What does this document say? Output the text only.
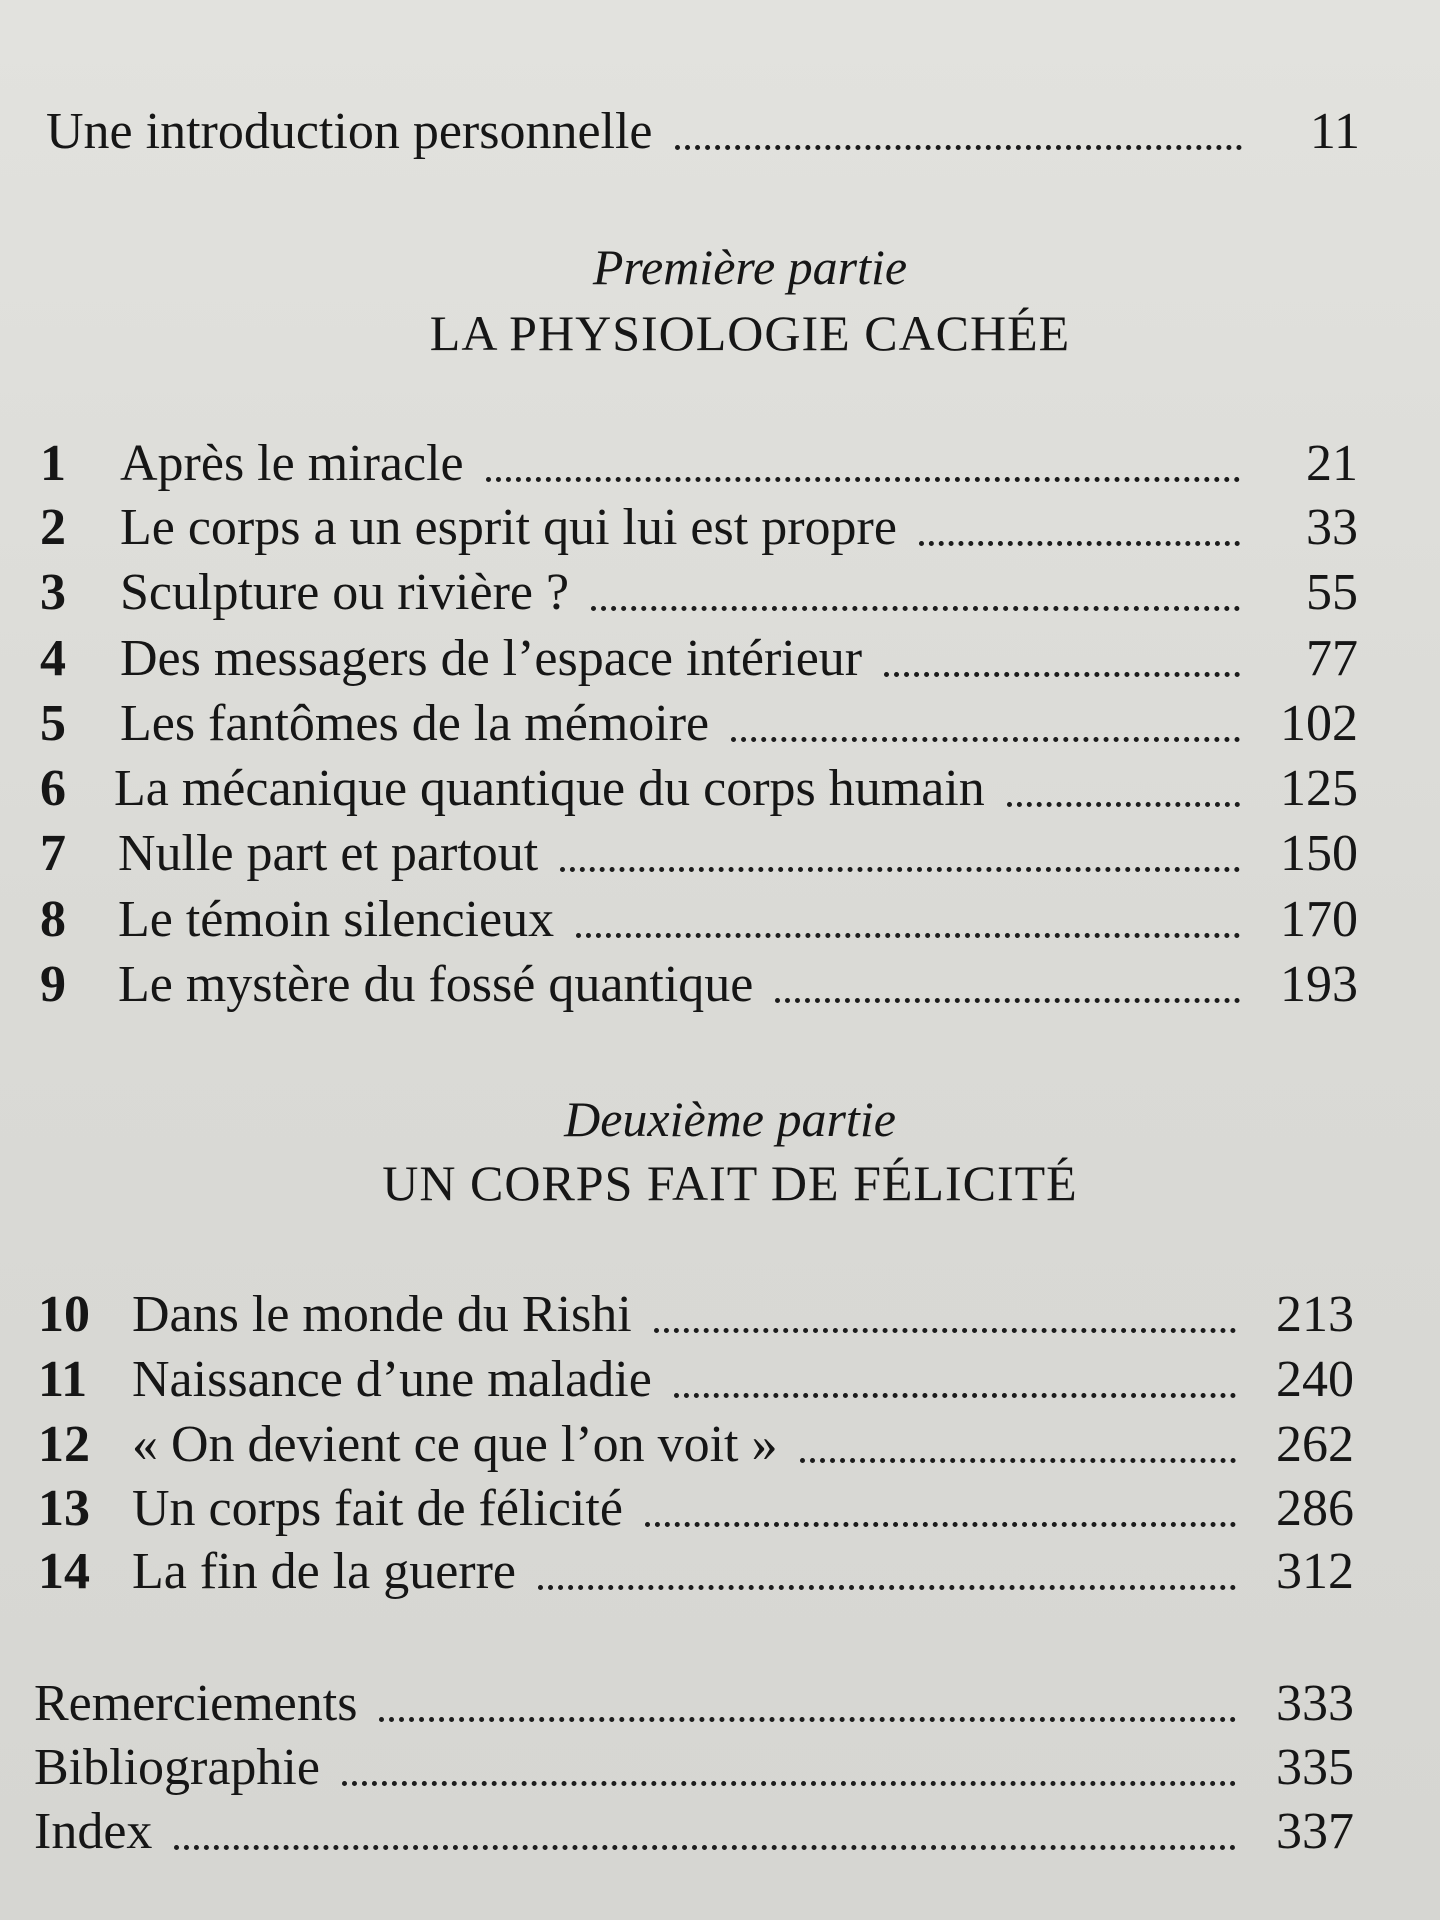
Une introduction personnelle	11
Première partie
LA PHYSIOLOGIE CACHÉE
1	Après le miracle	21
2	Le corps a un esprit qui lui est propre	33
3	Sculpture ou rivière ?	55
4	Des messagers de l’espace intérieur	77
5	Les fantômes de la mémoire	102
6 La mécanique quantique du corps humain	125
7	Nulle part et partout	150
8	Le témoin silencieux	170
9	Le mystère du fossé quantique	193
Deuxième partie
UN CORPS FAIT DE FÉLICITÉ
10 Dans le monde du Rishi	213
11 Naissance d’une maladie	240
12 « On devient ce que l’on voit »	262
13 Un corps fait de félicité	286
14 La fin de la guerre	312
Remerciements	333
Bibliographie	335
Index	337
